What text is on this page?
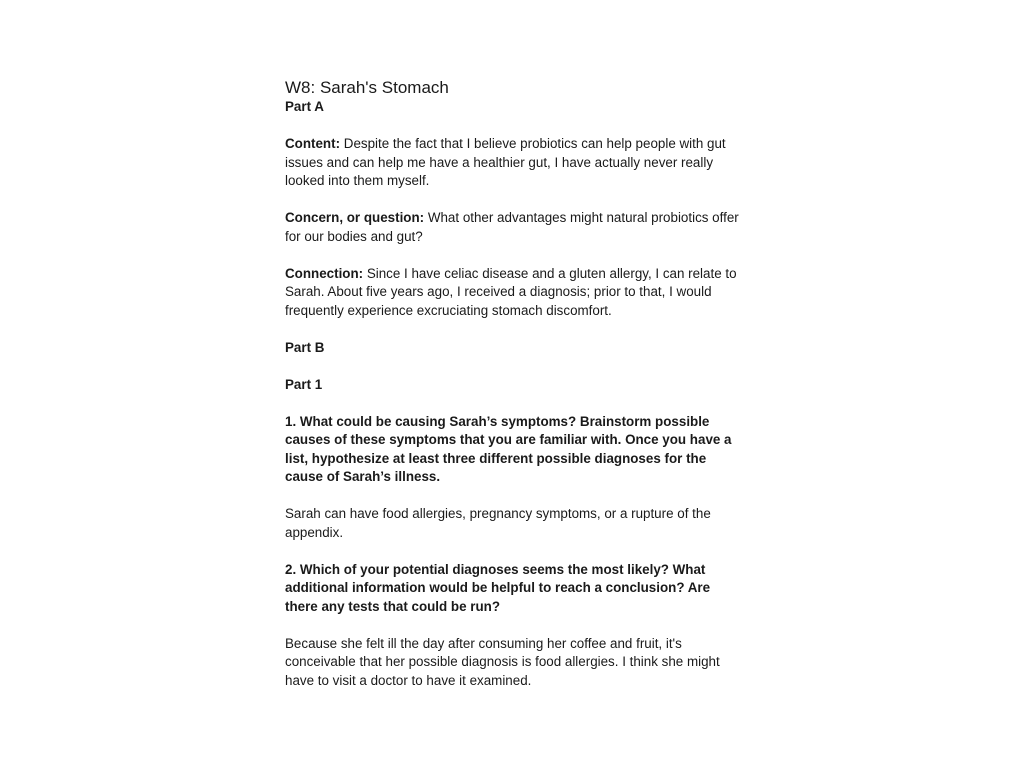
W8: Sarah's Stomach

Part A

Content: Despite the fact that I believe probiotics can help people with gut issues and can help me have a healthier gut, I have actually never really looked into them myself.

Concern, or question: What other advantages might natural probiotics offer for our bodies and gut?

Connection: Since I have celiac disease and a gluten allergy, I can relate to Sarah. About five years ago, I received a diagnosis; prior to that, I would frequently experience excruciating stomach discomfort.

Part B

Part 1

1. What could be causing Sarah’s symptoms? Brainstorm possible causes of these symptoms that you are familiar with. Once you have a list, hypothesize at least three different possible diagnoses for the cause of Sarah’s illness.

Sarah can have food allergies, pregnancy symptoms, or a rupture of the appendix.

2. Which of your potential diagnoses seems the most likely? What additional information would be helpful to reach a conclusion? Are there any tests that could be run?

Because she felt ill the day after consuming her coffee and fruit, it's conceivable that her possible diagnosis is food allergies. I think she might have to visit a doctor to have it examined.
